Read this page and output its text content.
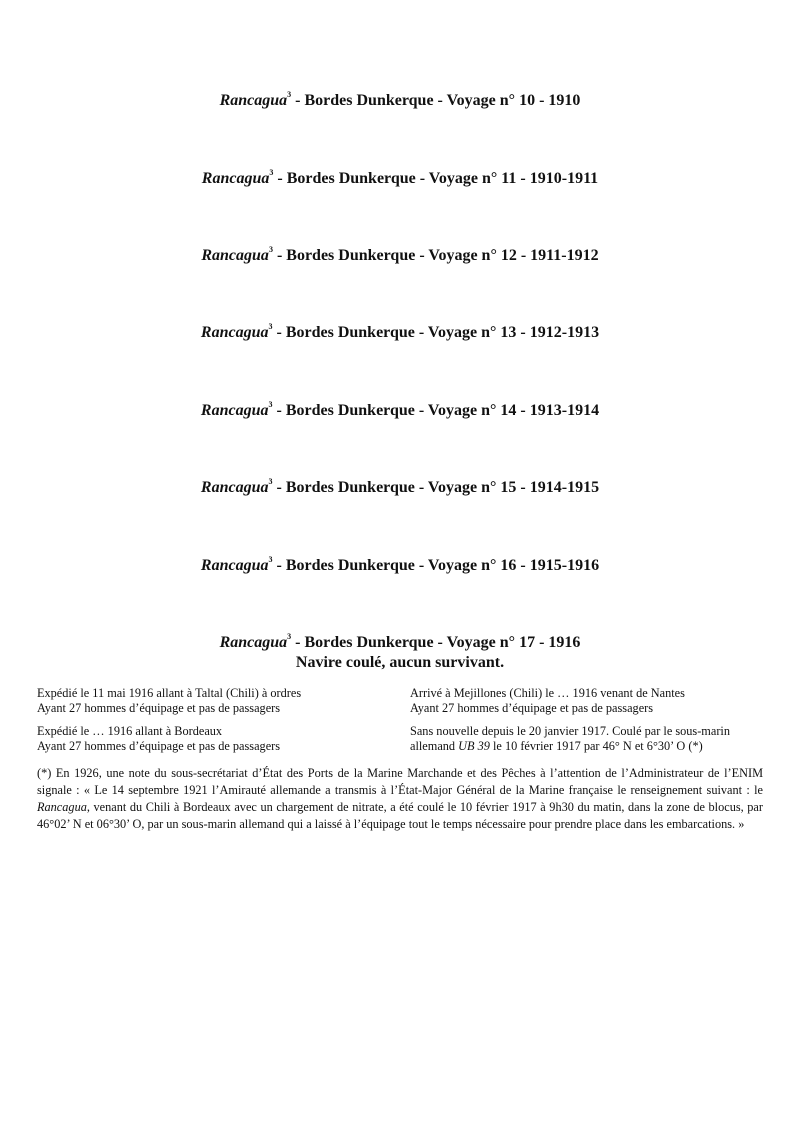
Rancagua$^3$ - Bordes Dunkerque - Voyage n° 10 - 1910
Rancagua$^3$ - Bordes Dunkerque - Voyage n° 11 - 1910-1911
Rancagua$^3$ - Bordes Dunkerque - Voyage n° 12 - 1911-1912
Rancagua$^3$ - Bordes Dunkerque - Voyage n° 13 - 1912-1913
Rancagua$^3$ - Bordes Dunkerque - Voyage n° 14 - 1913-1914
Rancagua$^3$ - Bordes Dunkerque - Voyage n° 15 - 1914-1915
Rancagua$^3$ - Bordes Dunkerque - Voyage n° 16 - 1915-1916
Rancagua$^3$ - Bordes Dunkerque - Voyage n° 17 - 1916
Navire coulé, aucun survivant.
Expédié le 11 mai 1916 allant à Taltal (Chili) à ordres
Ayant 27 hommes d’équipage et pas de passagers
Expédié le … 1916 allant à Bordeaux
Ayant 27 hommes d’équipage et pas de passagers
Arrivé à Mejillones (Chili) le … 1916 venant de Nantes
Ayant 27 hommes d’équipage et pas de passagers
Sans nouvelle depuis le 20 janvier 1917. Coulé par le sous-marin
allemand UB 39 le 10 février 1917 par 46° N et 6°30’ O (*)
(*) En 1926, une note du sous-secrétariat d’État des Ports de la Marine Marchande et des Pêches à l’attention de l’Administrateur de l’ENIM signale : « Le 14 septembre 1921 l’Amirauté allemande a transmis à l’État-Major Général de la Marine française le renseignement suivant : le Rancagua, venant du Chili à Bordeaux avec un chargement de nitrate, a été coulé le 10 février 1917 à 9h30 du matin, dans la zone de blocus, par 46°02’ N et 06°30’ O, par un sous-marin allemand qui a laissé à l’équipage tout le temps nécessaire pour prendre place dans les embarcations. »
